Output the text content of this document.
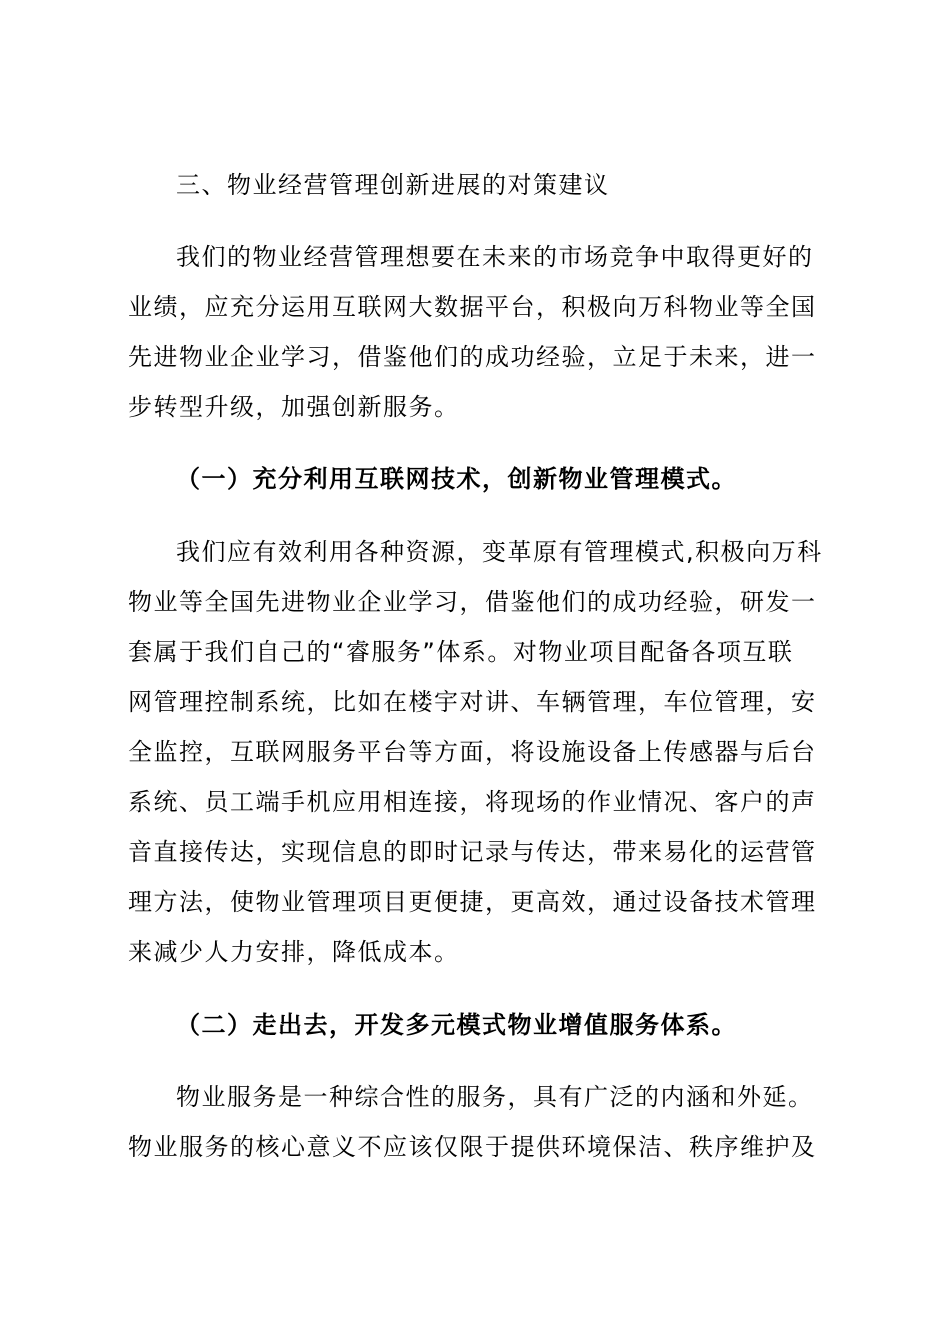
三、物业经营管理创新进展的对策建议
我们的物业经营管理想要在未来的市场竞争中取得更好的
业绩，应充分运用互联网大数据平台，积极向万科物业等全国
先进物业企业学习，借鉴他们的成功经验，立足于未来，进一
步转型升级，加强创新服务。
（一）充分利用互联网技术，创新物业管理模式。
我们应有效利用各种资源，变革原有管理模式,积极向万科
物业等全国先进物业企业学习，借鉴他们的成功经验，研发一
套属于我们自己的“睿服务”体系。对物业项目配备各项互联
网管理控制系统，比如在楼宇对讲、车辆管理，车位管理，安
全监控，互联网服务平台等方面，将设施设备上传感器与后台
系统、员工端手机应用相连接，将现场的作业情况、客户的声
音直接传达，实现信息的即时记录与传达，带来易化的运营管
理方法，使物业管理项目更便捷，更高效，通过设备技术管理
来减少人力安排，降低成本。
（二）走出去，开发多元模式物业增值服务体系。
物业服务是一种综合性的服务，具有广泛的内涵和外延。
物业服务的核心意义不应该仅限于提供环境保洁、秩序维护及
